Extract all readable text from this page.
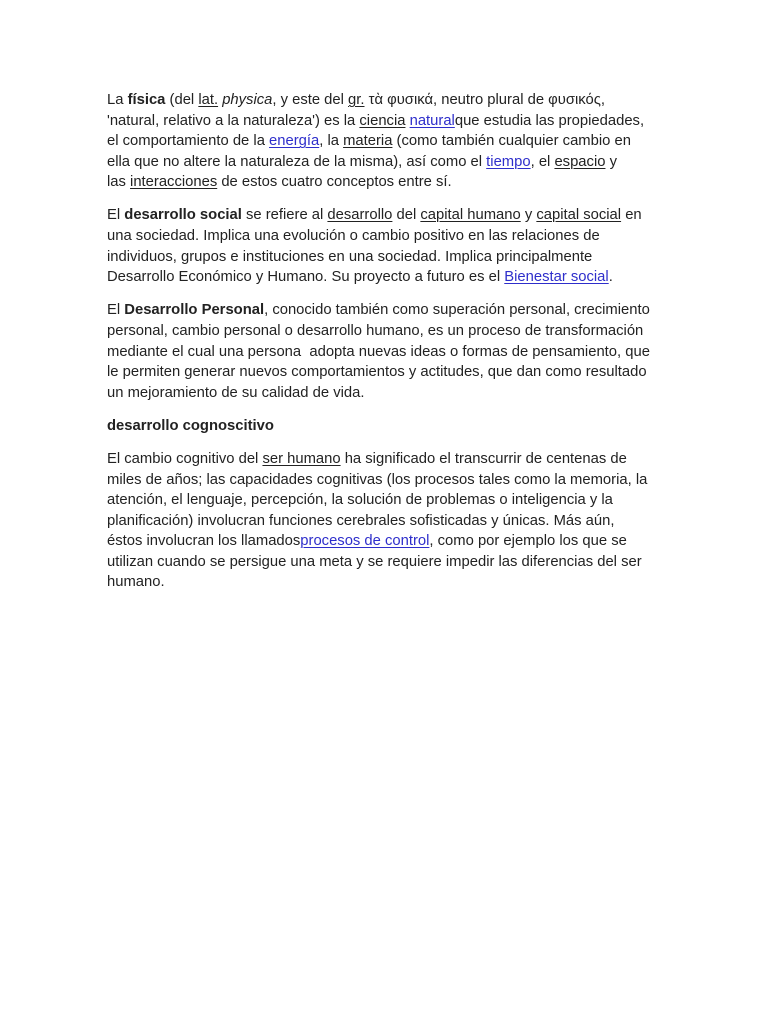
La física (del lat. physica, y este del gr. τὰ φυσικά, neutro plural de φυσικός,
'natural, relativo a la naturaleza') es la ciencia naturalque estudia las propiedades,
el comportamiento de la energía, la materia (como también cualquier cambio en
ella que no altere la naturaleza de la misma), así como el tiempo, el espacio y
las interacciones de estos cuatro conceptos entre sí.
El desarrollo social se refiere al desarrollo del capital humano y capital social en
una sociedad. Implica una evolución o cambio positivo en las relaciones de
individuos, grupos e instituciones en una sociedad. Implica principalmente
Desarrollo Económico y Humano. Su proyecto a futuro es el Bienestar social.
El Desarrollo Personal, conocido también como superación personal, crecimiento
personal, cambio personal o desarrollo humano, es un proceso de transformación
mediante el cual una persona  adopta nuevas ideas o formas de pensamiento, que
le permiten generar nuevos comportamientos y actitudes, que dan como resultado
un mejoramiento de su calidad de vida.
desarrollo cognoscitivo
El cambio cognitivo del ser humano ha significado el transcurrir de centenas de
miles de años; las capacidades cognitivas (los procesos tales como la memoria, la
atención, el lenguaje, percepción, la solución de problemas o inteligencia y la
planificación) involucran funciones cerebrales sofisticadas y únicas. Más aún,
éstos involucran los llamadosprocesos de control, como por ejemplo los que se
utilizan cuando se persigue una meta y se requiere impedir las diferencias del ser
humano.
